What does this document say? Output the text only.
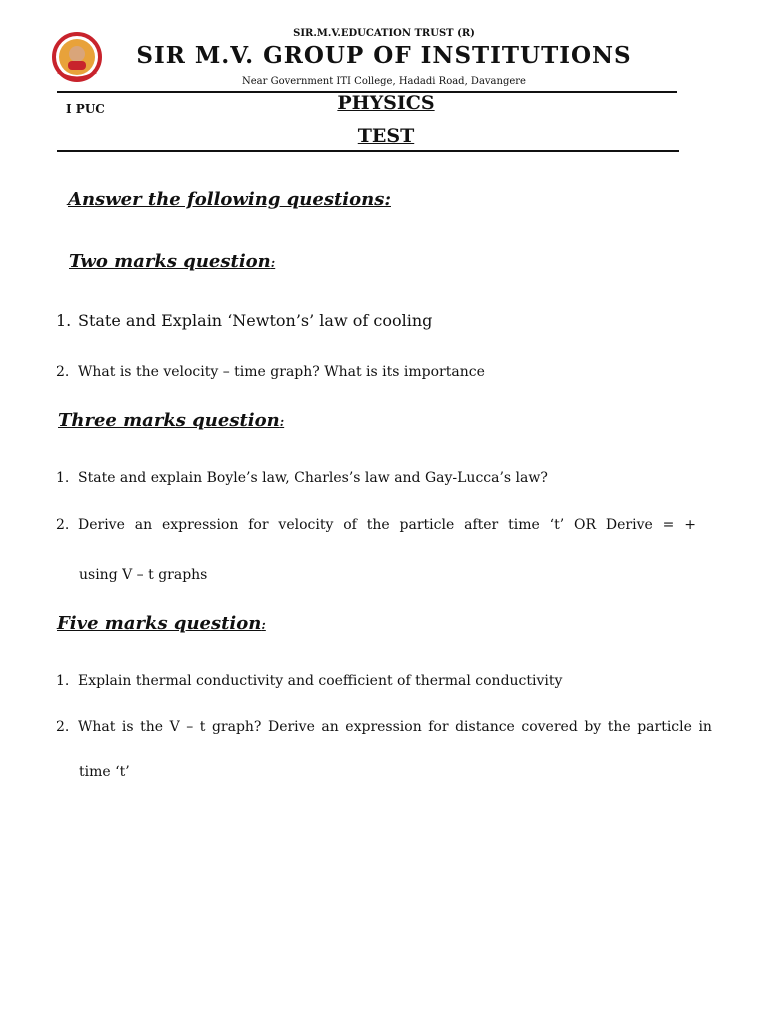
SIR.M.V.EDUCATION TRUST (R)
SIR M.V. GROUP OF INSTITUTIONS
Near Government ITI College, Hadadi Road, Davangere
I PUC	PHYSICS
TEST
Answer the following questions:
Two marks question:
1. State and Explain ‘Newton’s’ law of cooling
2. What is the velocity – time graph? What is its importance
Three marks question:
1. State and explain Boyle’s law, Charles’s law and Gay-Lucca’s law?
2. Derive an expression for velocity of the particle after time ‘t’ OR Derive = +
using V – t graphs
Five marks question:
1. Explain thermal conductivity and coefficient of thermal conductivity
2. What is the V – t graph? Derive an expression for distance covered by the particle in
time ‘t’
